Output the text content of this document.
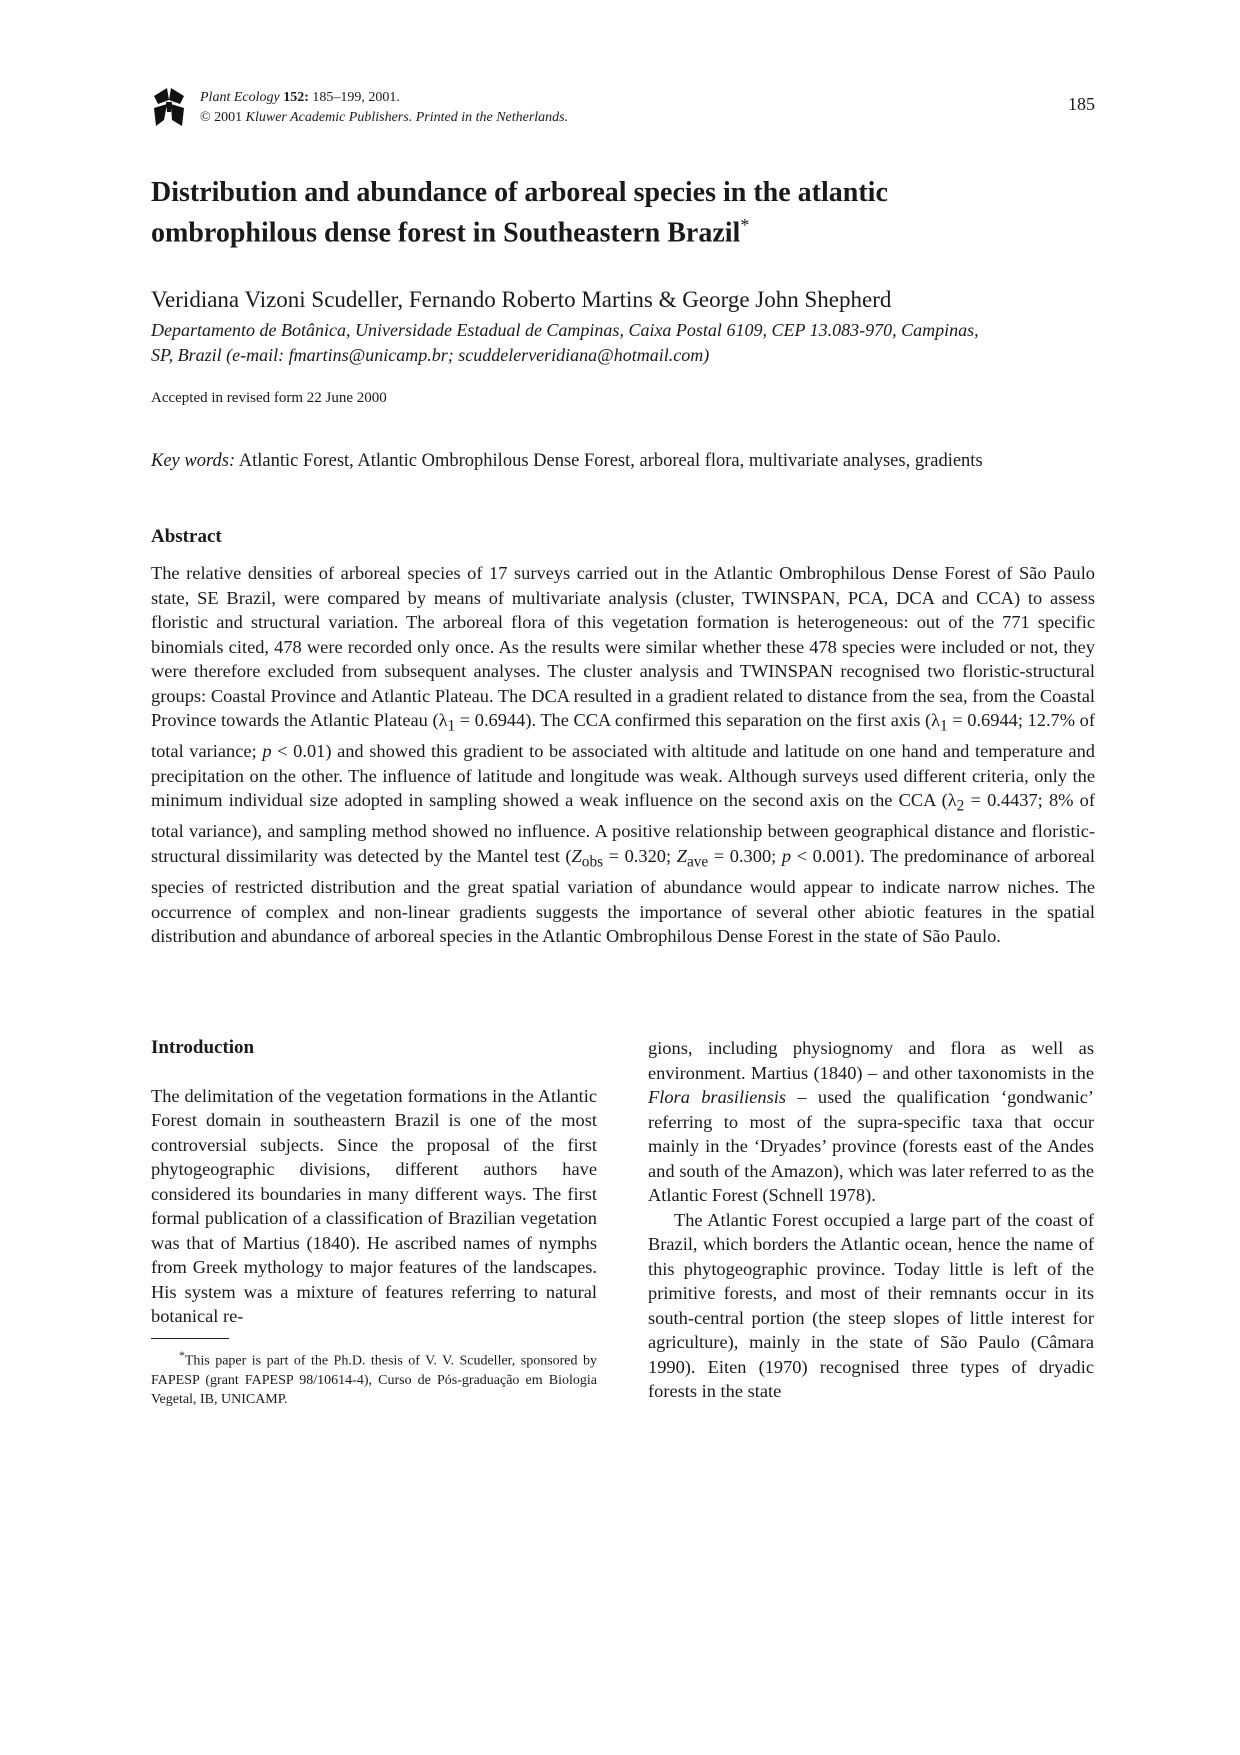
Plant Ecology 152: 185–199, 2001.
© 2001 Kluwer Academic Publishers. Printed in the Netherlands.
185
Distribution and abundance of arboreal species in the atlantic
ombrophilous dense forest in Southeastern Brazil*
Veridiana Vizoni Scudeller, Fernando Roberto Martins & George John Shepherd
Departamento de Botânica, Universidade Estadual de Campinas, Caixa Postal 6109, CEP 13.083-970, Campinas,
SP, Brazil (e-mail: fmartins@unicamp.br; scuddelerveridiana@hotmail.com)
Accepted in revised form 22 June 2000
Key words: Atlantic Forest, Atlantic Ombrophilous Dense Forest, arboreal flora, multivariate analyses, gradients
Abstract

The relative densities of arboreal species of 17 surveys carried out in the Atlantic Ombrophilous Dense Forest of São Paulo state, SE Brazil, were compared by means of multivariate analysis (cluster, TWINSPAN, PCA, DCA and CCA) to assess floristic and structural variation. The arboreal flora of this vegetation formation is heterogeneous: out of the 771 specific binomials cited, 478 were recorded only once. As the results were similar whether these 478 species were included or not, they were therefore excluded from subsequent analyses. The cluster analysis and TWINSPAN recognised two floristic-structural groups: Coastal Province and Atlantic Plateau. The DCA resulted in a gradient related to distance from the sea, from the Coastal Province towards the Atlantic Plateau $(\lambda_1 = 0.6944)$. The CCA confirmed this separation on the first axis ($\lambda_1 = 0.6944$; 12.7% of total variance; p < 0.01) and showed this gradient to be associated with altitude and latitude on one hand and temperature and precipitation on the other. The influence of latitude and longitude was weak. Although surveys used different criteria, only the minimum individual size adopted in sampling showed a weak influence on the second axis on the CCA ($\lambda_2 = 0.4437$; 8% of total variance), and sampling method showed no influence. A positive relationship between geographical distance and floristic-structural dissimilarity was detected by the Mantel test ($Z_{obs} = 0.320$; $Z_{ave} = 0.300$; p < 0.001). The predominance of arboreal species of restricted distribution and the great spatial variation of abundance would appear to indicate narrow niches. The occurrence of complex and non-linear gradients suggests the importance of several other abiotic features in the spatial distribution and abundance of arboreal species in the Atlantic Ombrophilous Dense Forest in the state of São Paulo.

Introduction

The delimitation of the vegetation formations in the Atlantic Forest domain in southeastern Brazil is one of the most controversial subjects. Since the proposal of the first phytogeographic divisions, different authors have considered its boundaries in many different ways. The first formal publication of a classification of Brazilian vegetation was that of Martius (1840). He ascribed names of nymphs from Greek mythology to major features of the landscapes. His system was a mixture of features referring to natural botanical re-

gions, including physiognomy and flora as well as environment. Martius (1840) – and other taxonomists in the Flora brasiliensis – used the qualification ‘gondwanic’ referring to most of the supra-specific taxa that occur mainly in the ‘Dryades’ province (forests east of the Andes and south of the Amazon), which was later referred to as the Atlantic Forest (Schnell 1978).

The Atlantic Forest occupied a large part of the coast of Brazil, which borders the Atlantic ocean, hence the name of this phytogeographic province. Today little is left of the primitive forests, and most of their remnants occur in its south-central portion (the steep slopes of little interest for agriculture), mainly in the state of São Paulo (Câmara 1990). Eiten (1970) recognised three types of dryadic forests in the state

*This paper is part of the Ph.D. thesis of V. V. Scudeller, sponsored by FAPESP (grant FAPESP 98/10614-4), Curso de Pós-graduação em Biologia Vegetal, IB, UNICAMP.
